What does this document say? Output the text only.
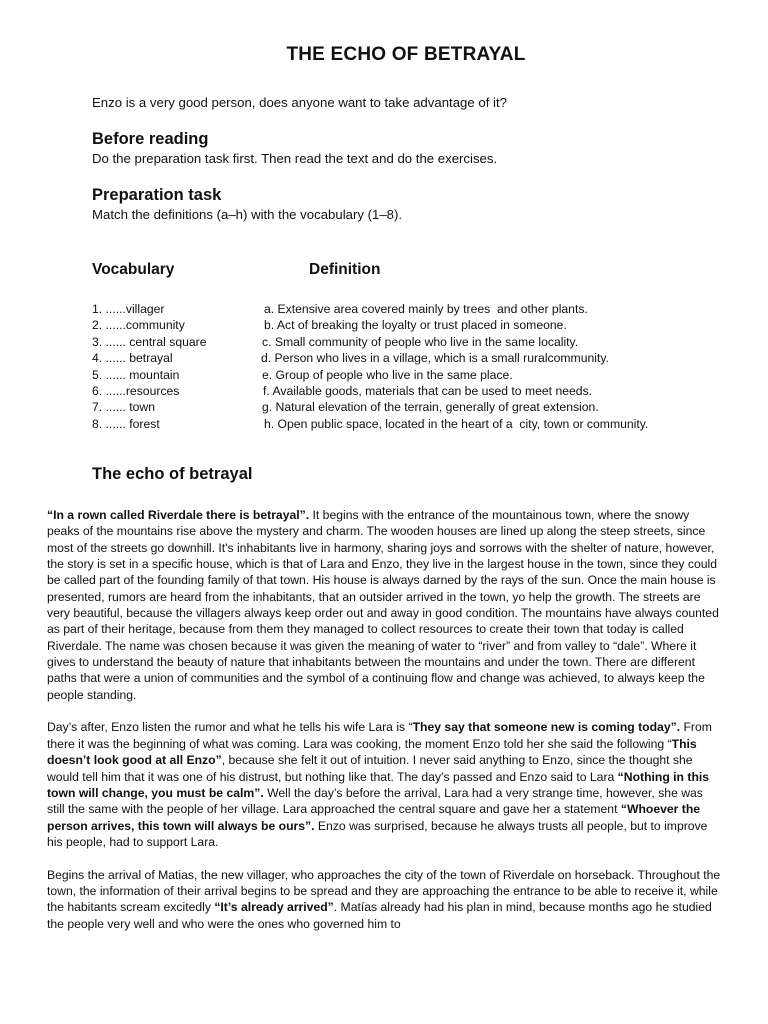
THE ECHO OF BETRAYAL
Enzo is a very good person, does anyone want to take advantage of it?
Before reading
Do the preparation task first. Then read the text and do the exercises.
Preparation task
Match the definitions (a–h) with the vocabulary (1–8).
Vocabulary	Definition
1. ......villager	a. Extensive area covered mainly by trees  and other plants.
2. ......community	b. Act of breaking the loyalty or trust placed in someone.
3. ...... central square	c. Small community of people who live in the same locality.
4. ...... betrayal	d. Person who lives in a village, which is a small ruralcommunity.
5. ...... mountain	e. Group of people who live in the same place.
6. ......resources	f. Available goods, materials that can be used to meet needs.
7. ...... town	g. Natural elevation of the terrain, generally of great extension.
8. ...... forest	h. Open public space, located in the heart of a  city, town or community.
The echo of betrayal

“In a rown called Riverdale there is betrayal”. It begins with the entrance of the mountainous town, where the snowy peaks of the mountains rise above the mystery and charm. The wooden houses are lined up along the steep streets, since most of the streets go downhill. It's inhabitants live in harmony, sharing joys and sorrows with the shelter of nature, however, the story is set in a specific house, which is that of Lara and Enzo, they live in the largest house in the town, since they could be called part of the founding family of that town. His house is always darned by the rays of the sun. Once the main house is presented, rumors are heard from the inhabitants, that an outsider arrived in the town, yo help the growth. The streets are very beautiful, because the villagers always keep order out and away in good condition. The mountains have always counted as part of their heritage, because from them they managed to collect resources to create their town that today is called Riverdale. The name was chosen because it was given the meaning of water to “river” and from valley to “dale”. Where it gives to understand the beauty of nature that inhabitants between the mountains and under the town. There are different paths that were a union of communities and the symbol of a continuing flow and change was achieved, to always keep the people standing.

Day’s after, Enzo listen the rumor and what he tells his wife Lara is “They say that someone new is coming today”. From there it was the beginning of what was coming. Lara was cooking, the moment Enzo told her she said the following “This doesn’t look good at all Enzo”, because she felt it out of intuition. I never said anything to Enzo, since the thought she would tell him that it was one of his distrust, but nothing like that. The day’s passed and Enzo said to Lara “Nothing in this town will change, you must be calm”. Well the day’s before the arrival, Lara had a very strange time, however, she was still the same with the people of her village. Lara approached the central square and gave her a statement “Whoever the person arrives, this town will always be ours”. Enzo was surprised, because he always trusts all people, but to improve his people, had to support Lara.

Begins the arrival of Matias, the new villager, who approaches the city of the town of Riverdale on horseback. Throughout the town, the information of their arrival begins to be spread and they are approaching the entrance to be able to receive it, while the habitants scream excitedly “It’s already arrived”. Matías already had his plan in mind, because months ago he studied the people very well and who were the ones who governed him to
